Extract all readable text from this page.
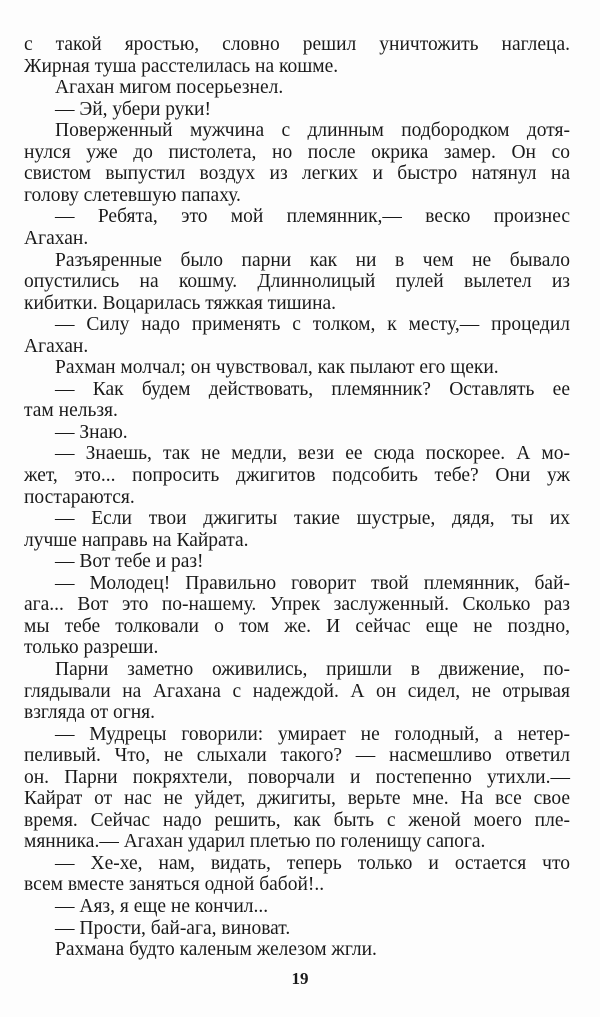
с такой яростью, словно решил уничтожить наглеца.
Жирная туша расстелилась на кошме.
Агахан мигом посерьезнел.
— Эй, убери руки!
Поверженный мужчина с длинным подбородком дотя-
нулся уже до пистолета, но после окрика замер. Он со
свистом выпустил воздух из легких и быстро натянул на
голову слетевшую папаху.
— Ребята, это мой племянник,— веско произнес
Агахан.
Разъяренные было парни как ни в чем не бывало
опустились на кошму. Длиннолицый пулей вылетел из
кибитки. Воцарилась тяжкая тишина.
— Силу надо применять с толком, к месту,— процедил
Агахан.
Рахман молчал; он чувствовал, как пылают его щеки.
— Как будем действовать, племянник? Оставлять ее
там нельзя.
— Знаю.
— Знаешь, так не медли, вези ее сюда поскорее. А мо-
жет, это... попросить джигитов подсобить тебе? Они уж
постараются.
— Если твои джигиты такие шустрые, дядя, ты их
лучше направь на Кайрата.
— Вот тебе и раз!
— Молодец! Правильно говорит твой племянник, бай-
ага... Вот это по-нашему. Упрек заслуженный. Сколько раз
мы тебе толковали о том же. И сейчас еще не поздно,
только разреши.
Парни заметно оживились, пришли в движение, по-
глядывали на Агахана с надеждой. А он сидел, не отрывая
взгляда от огня.
— Мудрецы говорили: умирает не голодный, а нетер-
пеливый. Что, не слыхали такого? — насмешливо ответил
он. Парни покряхтели, поворчали и постепенно утихли.—
Кайрат от нас не уйдет, джигиты, верьте мне. На все свое
время. Сейчас надо решить, как быть с женой моего пле-
мянника.— Агахан ударил плетью по голенищу сапога.
— Хе-хе, нам, видать, теперь только и остается что
всем вместе заняться одной бабой!..
— Аяз, я еще не кончил...
— Прости, бай-ага, виноват.
Рахмана будто каленым железом жгли.
19
